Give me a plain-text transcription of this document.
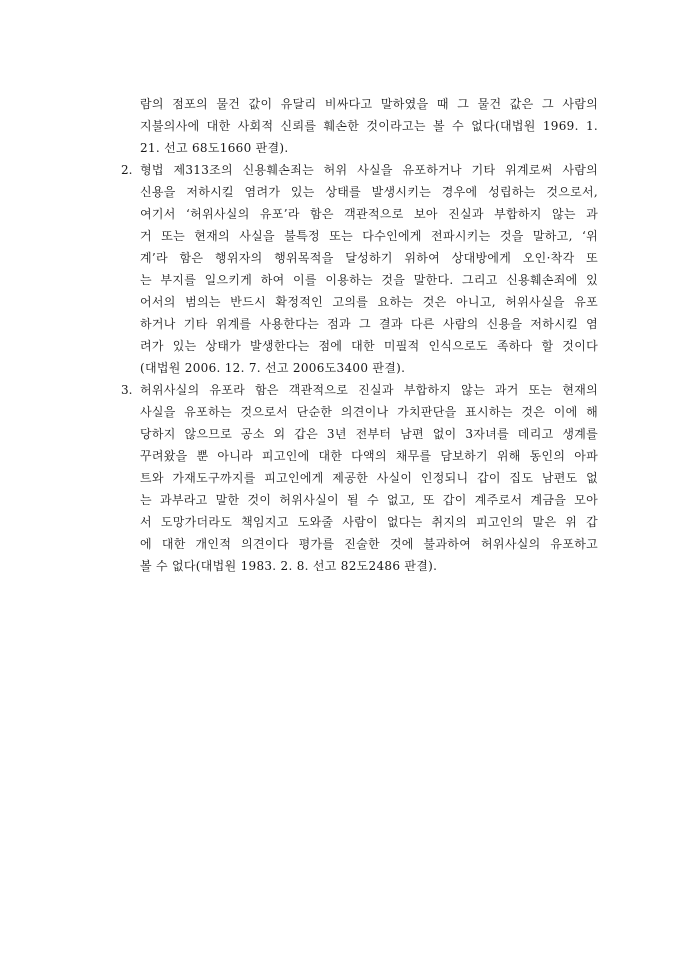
람의 점포의 물건 값이 유달리 비싸다고 말하였을 때 그 물건 값은 그 사람의
지불의사에 대한 사회적 신뢰를 훼손한 것이라고는 볼 수 없다(대법원 1969. 1.
21. 선고 68도1660 판결).
2. 형법 제313조의 신용훼손죄는 허위 사실을 유포하거나 기타 위계로써 사람의
신용을 저하시킬 염려가 있는 상태를 발생시키는 경우에 성립하는 것으로서,
여기서 ‘허위사실의 유포’라 함은 객관적으로 보아 진실과 부합하지 않는 과
거 또는 현재의 사실을 불특정 또는 다수인에게 전파시키는 것을 말하고, ‘위
계’라 함은 행위자의 행위목적을 달성하기 위하여 상대방에게 오인·착각 또
는 부지를 일으키게 하여 이를 이용하는 것을 말한다. 그리고 신용훼손죄에 있
어서의 범의는 반드시 확정적인 고의를 요하는 것은 아니고, 허위사실을 유포
하거나 기타 위계를 사용한다는 점과 그 결과 다른 사람의 신용을 저하시킬 염
려가 있는 상태가 발생한다는 점에 대한 미필적 인식으로도 족하다 할 것이다
(대법원 2006. 12. 7. 선고 2006도3400 판결).
3. 허위사실의 유포라 함은 객관적으로 진실과 부합하지 않는 과거 또는 현재의
사실을 유포하는 것으로서 단순한 의견이나 가치판단을 표시하는 것은 이에 해
당하지 않으므로 공소 외 갑은 3년 전부터 남편 없이 3자녀를 데리고 생계를
꾸려왔을 뿐 아니라 피고인에 대한 다액의 채무를 담보하기 위해 동인의 아파
트와 가재도구까지를 피고인에게 제공한 사실이 인정되니 갑이 집도 남편도 없
는 과부라고 말한 것이 허위사실이 될 수 없고, 또 갑이 계주로서 계금을 모아
서 도망가더라도 책임지고 도와줄 사람이 없다는 취지의 피고인의 말은 위 갑
에 대한 개인적 의견이다 평가를 진술한 것에 불과하여 허위사실의 유포하고
볼 수 없다(대법원 1983. 2. 8. 선고 82도2486 판결).
